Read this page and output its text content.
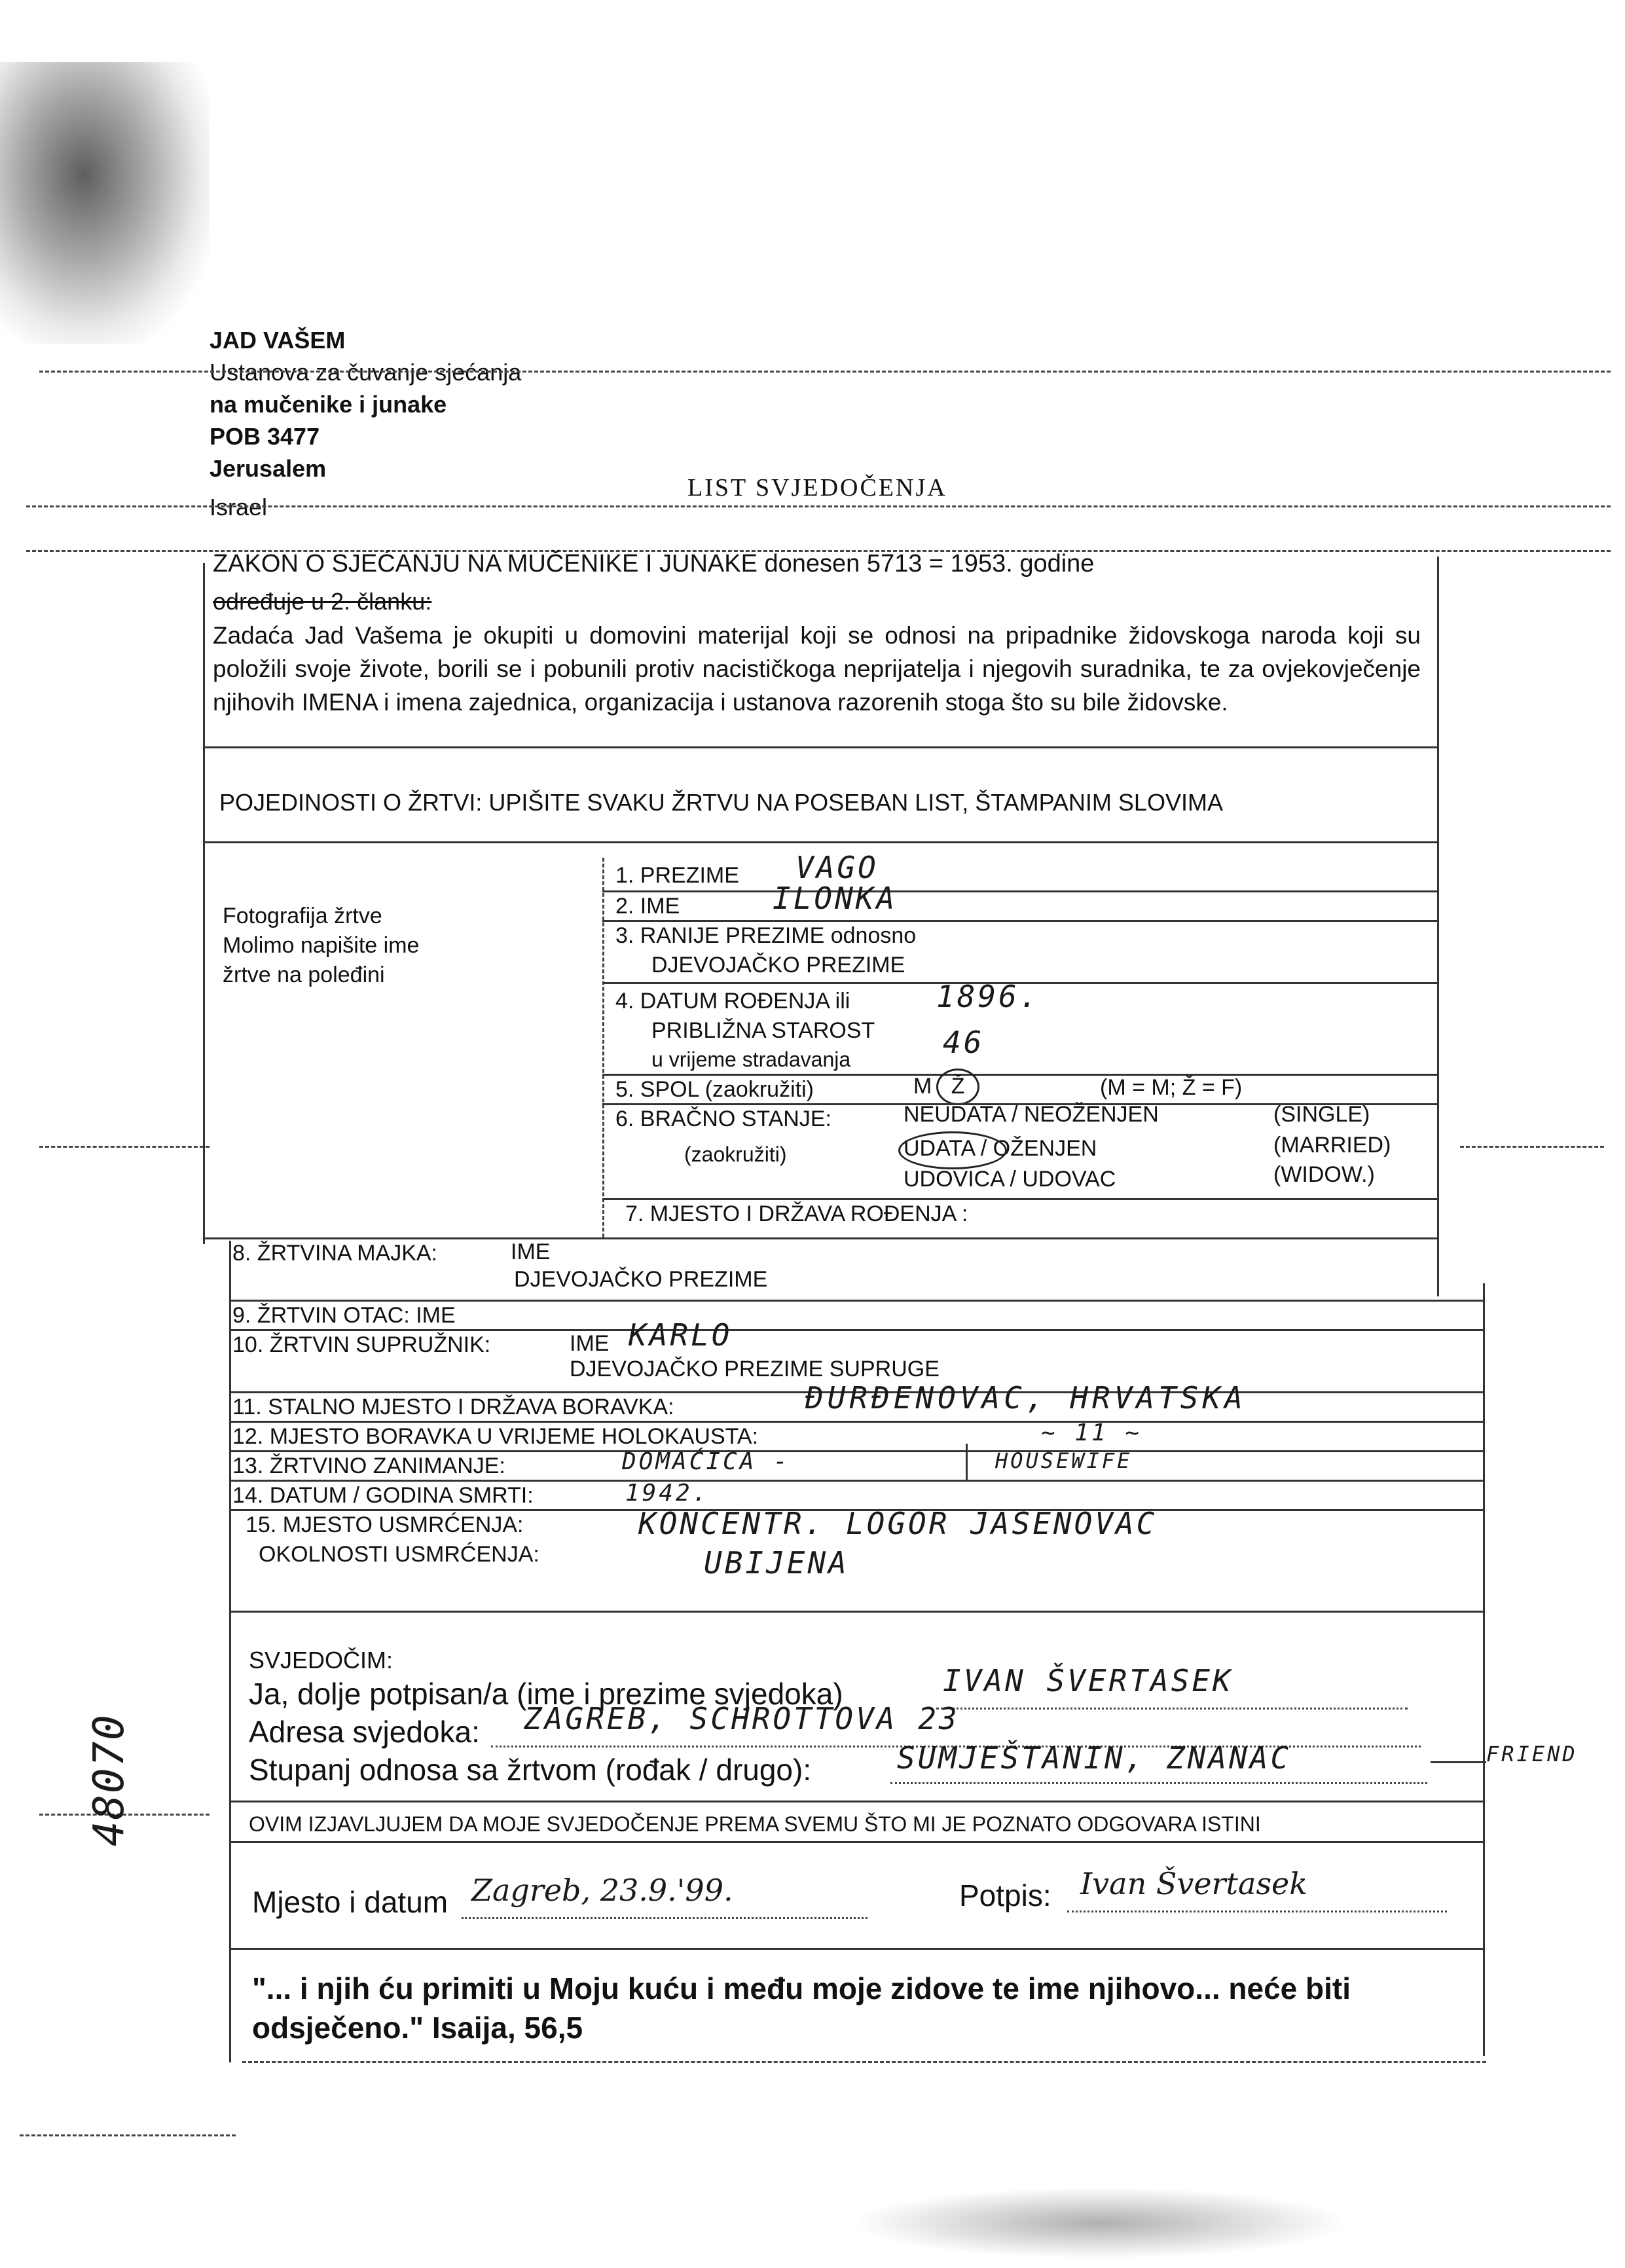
JAD VAŠEM
Ustanova za čuvanje sjećanja
na mučenike i junake
POB 3477
Jerusalem
Israel
LIST SVJEDOČENJA
ZAKON O SJEĆANJU NA MUČENIKE I JUNAKE donesen 5713 = 1953. godine
određuje u 2. članku:
Zadaća Jad Vašema je okupiti u domovini materijal koji se odnosi na pripadnike židovskoga naroda koji su položili svoje živote, borili se i pobunili protiv nacističkoga neprijatelja i njegovih suradnika, te za ovjekovječenje njihovih IMENA i imena zajednica, organizacija i ustanova razorenih stoga što su bile židovske.
POJEDINOSTI O ŽRTVI: UPIŠITE SVAKU ŽRTVU NA POSEBAN LIST, ŠTAMPANIM SLOVIMA
Fotografija žrtve
Molimo napišite ime
žrtve na poleđini
1. PREZIME VAGO
2. IME	ILONKA
3. RANIJE PREZIME odnosno
DJEVOJAČKO PREZIME
4. DATUM ROĐENJA ili
PRIBLIŽNA STAROST
u vrijeme stradavanja
1896.
46
5. SPOL (zaokružiti)	M Ž	(M = M; Ž = F)
6. BRAČNO STANJE:
(zaokružiti)
NEUDATA / NEOŽENJEN
UDATA / OŽENJEN
UDOVICA / UDOVAC
(SINGLE)
(MARRIED)
(WIDOW.)
7. MJESTO I DRŽAVA ROĐENJA :
8. ŽRTVINA MAJKA:	IME
DJEVOJAČKO PREZIME
9. ŽRTVIN OTAC: IME
10. ŽRTVIN SUPRUŽNIK:	IME KARLO
DJEVOJAČKO PREZIME SUPRUGE
11. STALNO MJESTO I DRŽAVA BORAVKA:	ĐURĐENOVAC, HRVATSKA
12. MJESTO BORAVKA U VRIJEME HOLOKAUSTA:	~ 11 ~
13. ŽRTVINO ZANIMANJE:	DOMAĆICA -	HOUSEWIFE
14. DATUM / GODINA SMRTI:	1942.
15. MJESTO USMRĆENJA:
OKOLNOSTI USMRĆENJA:
KONCENTR. LOGOR JASENOVAC
UBIJENA
SVJEDOČIM:
Ja, dolje potpisan/a (ime i prezime svjedoka)	IVAN ŠVERTASEK
Adresa svjedoka: ZAGREB, SCHROTTOVA 23
Stupanj odnosa sa žrtvom (rođak / drugo):	SUMJEŠTANIN, ZNANAC	FRIEND
OVIM IZJAVLJUJEM DA MOJE SVJEDOČENJE PREMA SVEMU ŠTO MI JE POZNATO ODGOVARA ISTINI
Mjesto i datum Zagreb, 23.9.'99.	Potpis: Ivan Švertasek
"... i njih ću primiti u Moju kuću i među moje zidove te ime njihovo... neće biti
odsječeno." Isaija, 56,5
48070
